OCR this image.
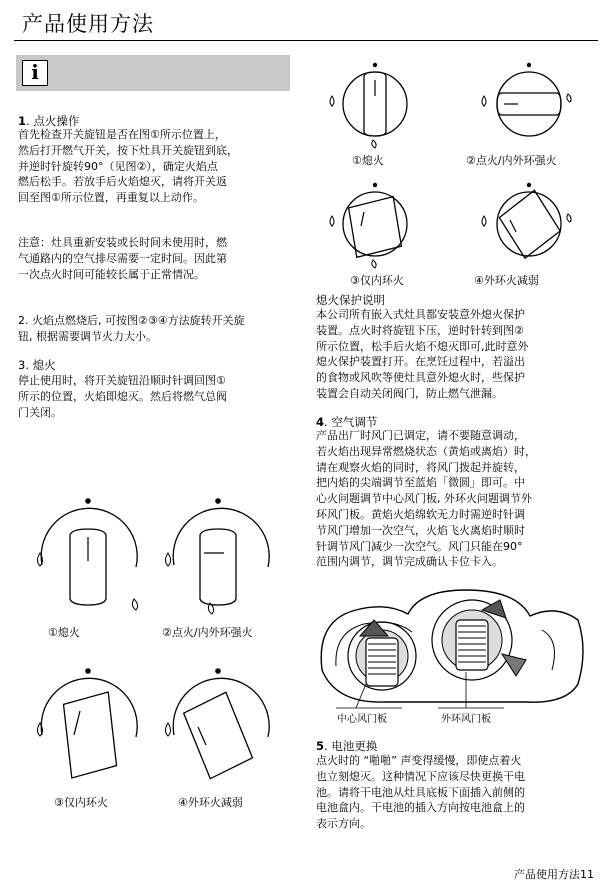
产品使用方法
i
1. 点火操作
首先检查开关旋钮是否在图①所示位置上，
然后打开燃气开关，按下灶具开关旋钮到底，
并逆时针旋转90°（见图②），确定火焰点
燃后松手。若放手后火焰熄灭，请将开关返
回至图①所示位置，再重复以上动作。
注意：灶具重新安装或长时间未使用时，燃
气通路内的空气排尽需要一定时间。因此第
一次点火时间可能较长属于正常情况。
2. 火焰点燃烧后, 可按图②③④方法旋转开关旋
钮, 根据需要调节火力大小。
3. 熄火
停止使用时，将开关旋钮沿顺时针调回图①
所示的位置，火焰即熄灭。然后将燃气总阀
门关闭。
①熄火	②点火/内外环强火
③仅内环火	④外环火减弱
熄火保护说明
本公司所有嵌入式灶具都安装意外熄火保护
装置。点火时将旋钮下压，逆时针转到图②
所示位置，松手后火焰不熄灭即可,此时意外
熄火保护装置打开。在烹饪过程中，若溢出
的食物或风吹等使灶具意外熄火时，些保护
装置会自动关闭阀门，防止燃气泄漏。
4. 空气调节
产品出厂时风门已调定，请不要随意调动，
若火焰出现异常燃烧状态（黄焰或离焰）时，
请在观察火焰的同时，将风门拨起并旋转，
把内焰的尖端调节至蓝焰「微圆」即可。中
心火问题调节中心风门板, 外环火问题调节外
环风门板。黄焰火焰绵软无力时需逆时针调
节风门增加一次空气，火焰飞火离焰时顺时
针调节风门减少一次空气。风门只能在90°
范围内调节，调节完成确认卡位卡入。
①熄火	②点火/内外环强火
③仅内环火	④外环火减弱
中心风门板	外环风门板
5. 电池更换
点火时的 “啪啪” 声变得缓慢，即使点着火
也立刻熄灭。这种情况下应该尽快更换干电
池。请将干电池从灶具底板下面插入前侧的
电池盒内。干电池的插入方向按电池盒上的
表示方向。
产品使用方法11
